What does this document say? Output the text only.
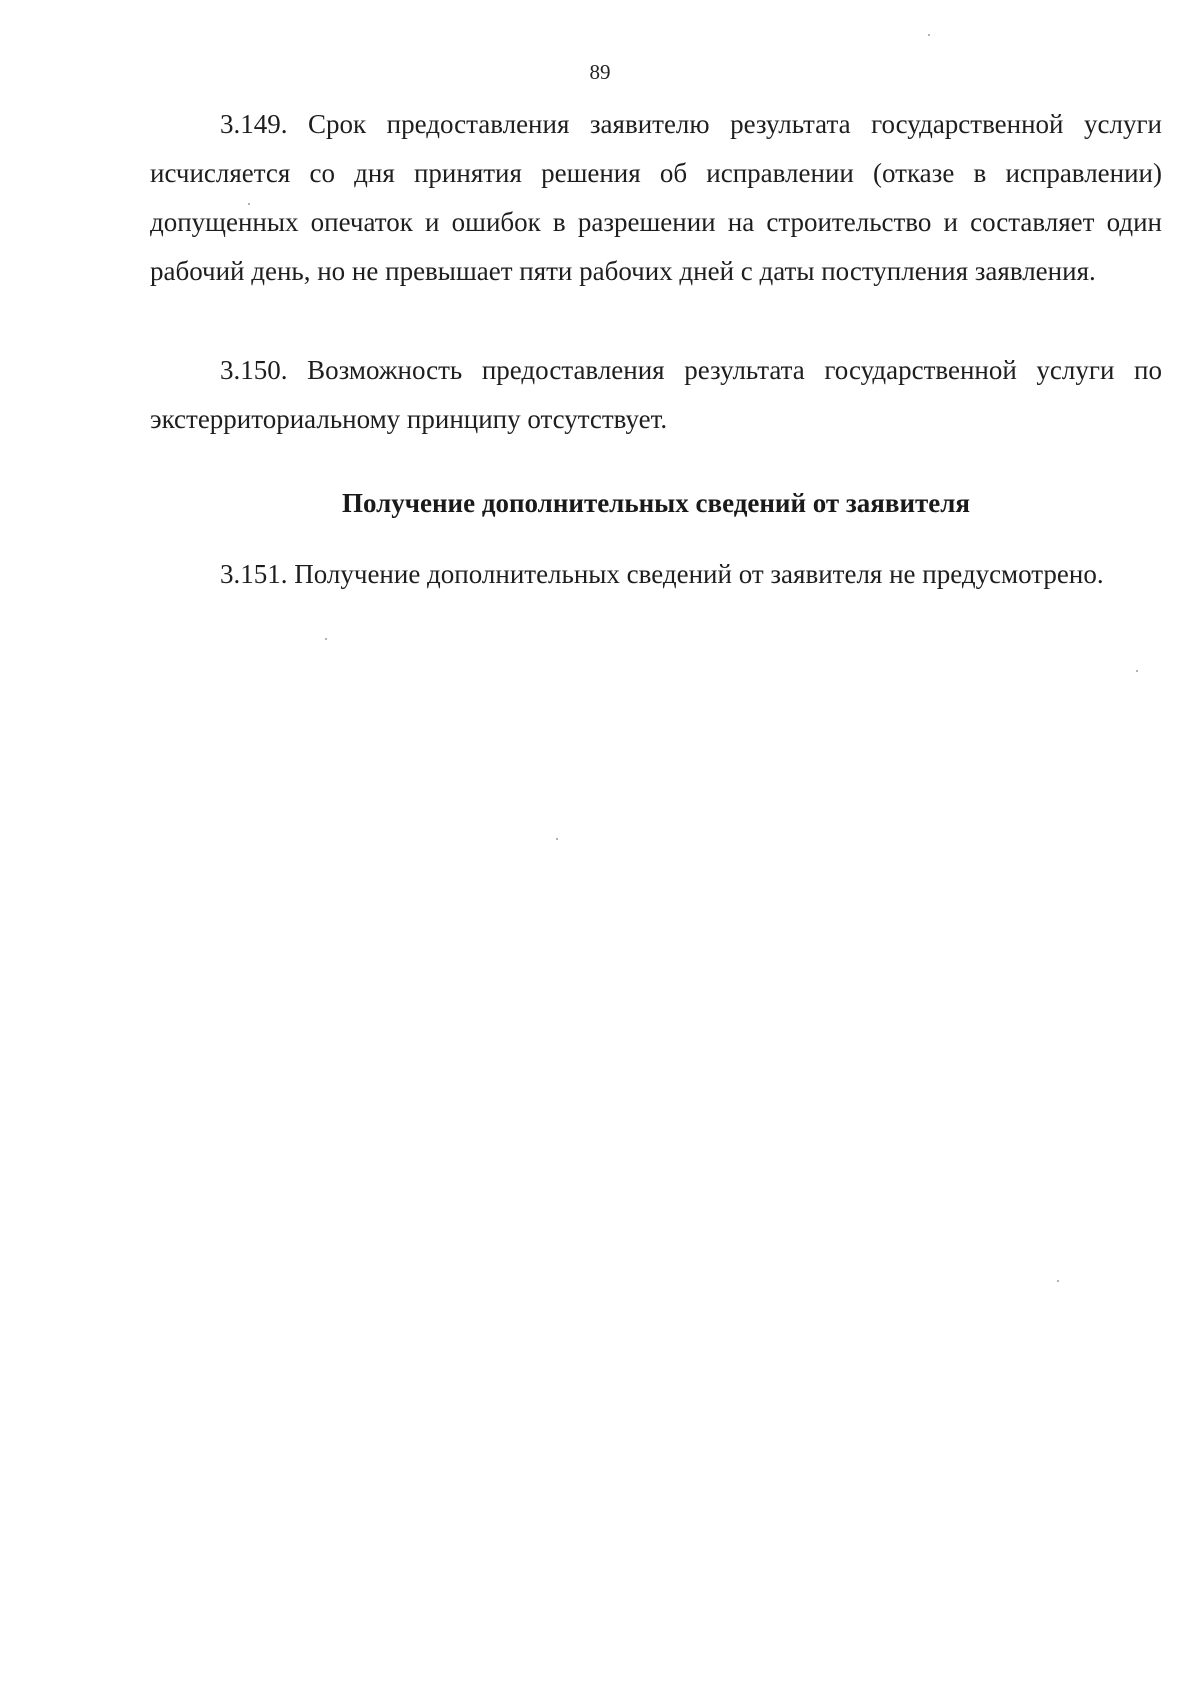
89

3.149. Срок предоставления заявителю результата государственной услуги исчисляется со дня принятия решения об исправлении (отказе в исправлении) допущенных опечаток и ошибок в разрешении на строительство и составляет один рабочий день, но не превышает пяти рабочих дней с даты поступления заявления.

3.150. Возможность предоставления результата государственной услуги по экстерриториальному принципу отсутствует.

Получение дополнительных сведений от заявителя
3.151. Получение дополнительных сведений от заявителя не предусмотрено.
